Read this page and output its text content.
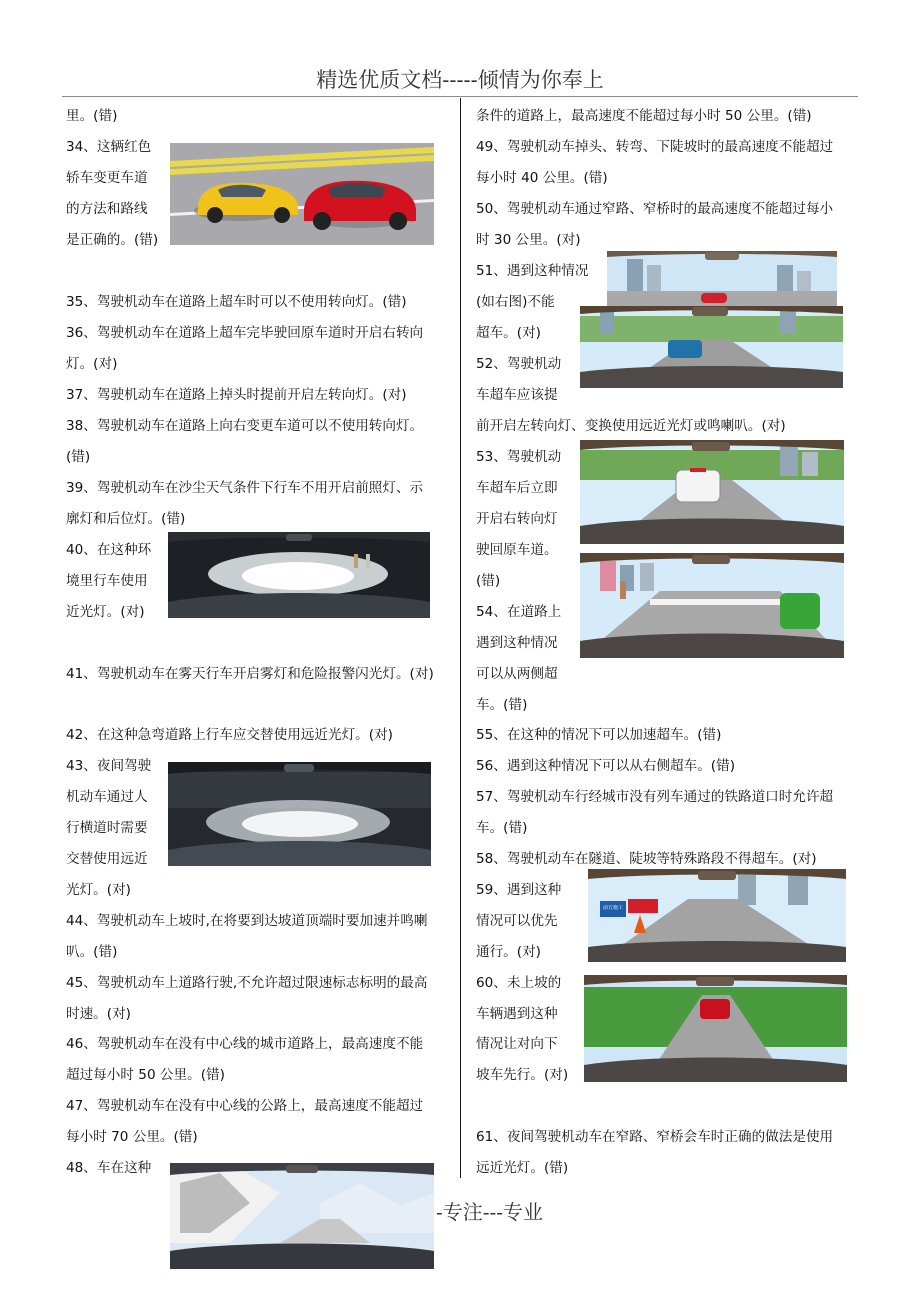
精选优质文档-----倾情为你奉上
里。(错)
34、这辆红色
轿车变更车道
的方法和路线
是正确的。(错)
35、驾驶机动车在道路上超车时可以不使用转向灯。(错)
36、驾驶机动车在道路上超车完毕驶回原车道时开启右转向
灯。(对)
37、驾驶机动车在道路上掉头时提前开启左转向灯。(对)
38、驾驶机动车在道路上向右变更车道可以不使用转向灯。
(错)
39、驾驶机动车在沙尘天气条件下行车不用开启前照灯、示
廓灯和后位灯。(错)
40、在这种环
境里行车使用
近光灯。(对)
41、驾驶机动车在雾天行车开启雾灯和危险报警闪光灯。(对)
42、在这种急弯道路上行车应交替使用远近光灯。(对)
43、夜间驾驶
机动车通过人
行横道时需要
交替使用远近
光灯。(对)
44、驾驶机动车上坡时,在将要到达坡道顶端时要加速并鸣喇
叭。(错)
45、驾驶机动车上道路行驶,不允许超过限速标志标明的最高
时速。(对)
46、驾驶机动车在没有中心线的城市道路上，最高速度不能
超过每小时 50 公里。(错)
47、驾驶机动车在没有中心线的公路上，最高速度不能超过
每小时 70 公里。(错)
48、车在这种
条件的道路上，最高速度不能超过每小时 50 公里。(错)
49、驾驶机动车掉头、转弯、下陡坡时的最高速度不能超过
每小时 40 公里。(错)
50、驾驶机动车通过窄路、窄桥时的最高速度不能超过每小
时 30 公里。(对)
51、遇到这种情况
(如右图)不能
超车。(对)
52、驾驶机动
车超车应该提
前开启左转向灯、变换使用远近光灯或鸣喇叭。(对)
53、驾驶机动
车超车后立即
开启右转向灯
驶回原车道。
(错)
54、在道路上
遇到这种情况
可以从两侧超
车。(错)
55、在这种的情况下可以加速超车。(错)
56、遇到这种情况下可以从右侧超车。(错)
57、驾驶机动车行经城市没有列车通过的铁路道口时允许超
车。(错)
58、驾驶机动车在隧道、陡坡等特殊路段不得超车。(对)
59、遇到这种
情况可以优先
通行。(对)
60、未上坡的
车辆遇到这种
情况让对向下
坡车先行。(对)
61、夜间驾驶机动车在窄路、窄桥会车时正确的做法是使用
远近光灯。(错)
前方施工
-专注---专业
